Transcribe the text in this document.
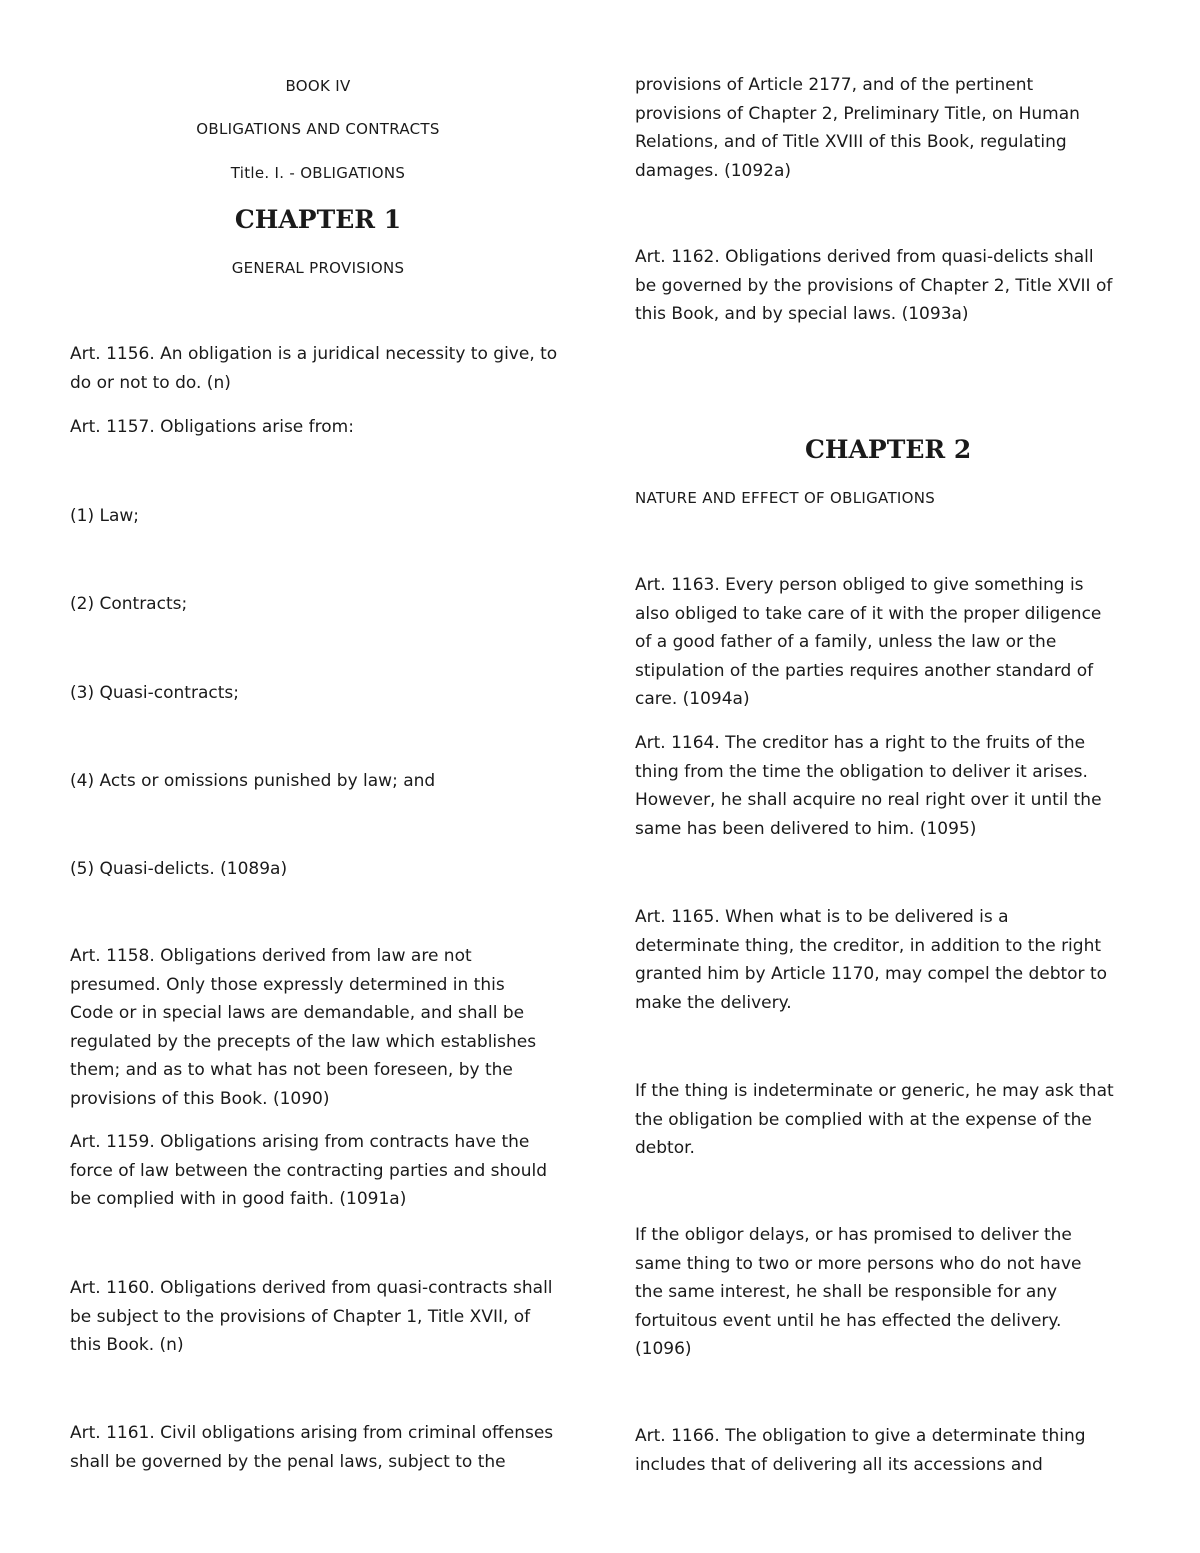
BOOK IV

OBLIGATIONS AND CONTRACTS

Title. I. - OBLIGATIONS

CHAPTER 1

GENERAL PROVISIONS

Art. 1156. An obligation is a juridical necessity to give, to
do or not to do. (n)

Art. 1157. Obligations arise from:

(1) Law;

(2) Contracts;

(3) Quasi-contracts;

(4) Acts or omissions punished by law; and

(5) Quasi-delicts. (1089a)

Art. 1158. Obligations derived from law are not
presumed. Only those expressly determined in this
Code or in special laws are demandable, and shall be
regulated by the precepts of the law which establishes
them; and as to what has not been foreseen, by the
provisions of this Book. (1090)

Art. 1159. Obligations arising from contracts have the
force of law between the contracting parties and should
be complied with in good faith. (1091a)

Art. 1160. Obligations derived from quasi-contracts shall
be subject to the provisions of Chapter 1, Title XVII, of
this Book. (n)

Art. 1161. Civil obligations arising from criminal offenses
shall be governed by the penal laws, subject to the

provisions of Article 2177, and of the pertinent
provisions of Chapter 2, Preliminary Title, on Human
Relations, and of Title XVIII of this Book, regulating
damages. (1092a)

Art. 1162. Obligations derived from quasi-delicts shall
be governed by the provisions of Chapter 2, Title XVII of
this Book, and by special laws. (1093a)

CHAPTER 2

NATURE AND EFFECT OF OBLIGATIONS

Art. 1163. Every person obliged to give something is
also obliged to take care of it with the proper diligence
of a good father of a family, unless the law or the
stipulation of the parties requires another standard of
care. (1094a)

Art. 1164. The creditor has a right to the fruits of the
thing from the time the obligation to deliver it arises.
However, he shall acquire no real right over it until the
same has been delivered to him. (1095)

Art. 1165. When what is to be delivered is a
determinate thing, the creditor, in addition to the right
granted him by Article 1170, may compel the debtor to
make the delivery.

If the thing is indeterminate or generic, he may ask that
the obligation be complied with at the expense of the
debtor.

If the obligor delays, or has promised to deliver the
same thing to two or more persons who do not have
the same interest, he shall be responsible for any
fortuitous event until he has effected the delivery.
(1096)

Art. 1166. The obligation to give a determinate thing
includes that of delivering all its accessions and
